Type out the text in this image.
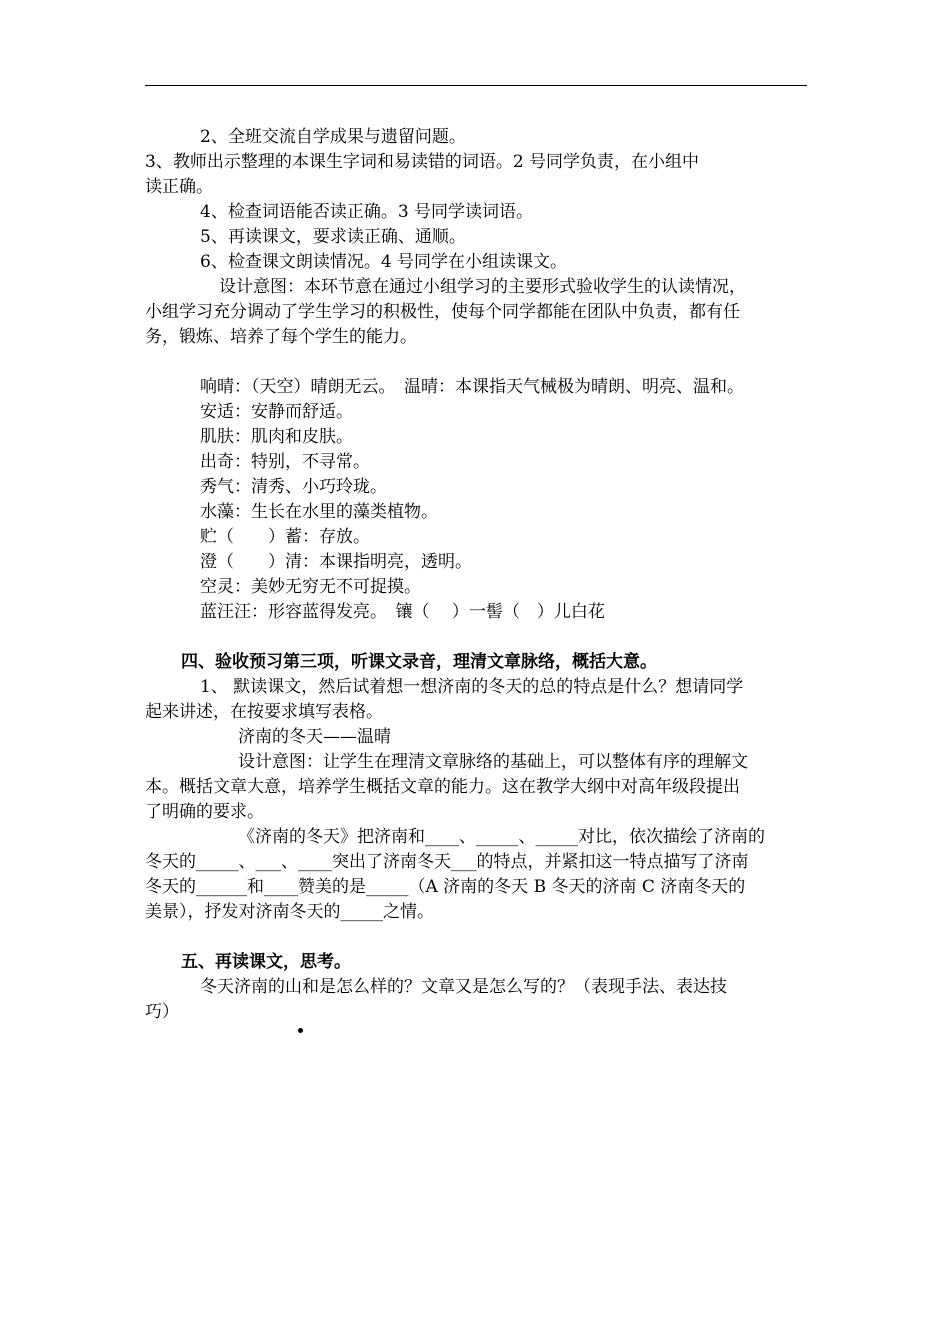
2、全班交流自学成果与遗留问题。
3、教师出示整理的本课生字词和易读错的词语。2 号同学负责，在小组中
读正确。
4、检查词语能否读正确。3 号同学读词语。
5、再读课文，要求读正确、通顺。
6、检查课文朗读情况。4 号同学在小组读课文。
设计意图：本环节意在通过小组学习的主要形式验收学生的认读情况，
小组学习充分调动了学生学习的积极性，使每个同学都能在团队中负责，都有任
务，锻炼、培养了每个学生的能力。
响晴：（天空）晴朗无云。　温晴：本课指天气械极为晴朗、明亮、温和。
安适：安静而舒适。
肌肤：肌肉和皮肤。
出奇：特别，不寻常。
秀气：清秀、小巧玲珑。
水藻：生长在水里的藻类植物。
贮（　　）蓄：存放。
澄（　　）清：本课指明亮，透明。
空灵：美妙无穷无不可捉摸。
蓝汪汪：形容蓝得发亮。　镶（　 ）一髻（　）儿白花
四、验收预习第三项，听课文录音，理清文章脉络，概括大意。
1、 默读课文，然后试着想一想济南的冬天的总的特点是什么？想请同学
起来讲述，在按要求填写表格。
济南的冬天——温晴
设计意图：让学生在理清文章脉络的基础上，可以整体有序的理解文
本。概括文章大意，培养学生概括文章的能力。这在教学大纲中对高年级段提出
了明确的要求。
《济南的冬天》把济南和____、_____、_____对比，依次描绘了济南的
冬天的_____、___、____突出了济南冬天___的特点，并紧扣这一特点描写了济南
冬天的______和____赞美的是_____（A 济南的冬天 B 冬天的济南 C 济南冬天的
美景），抒发对济南冬天的_____之情。
五、再读课文，思考。
冬天济南的山和是怎么样的？文章又是怎么写的？（表现手法、表达技
巧）
